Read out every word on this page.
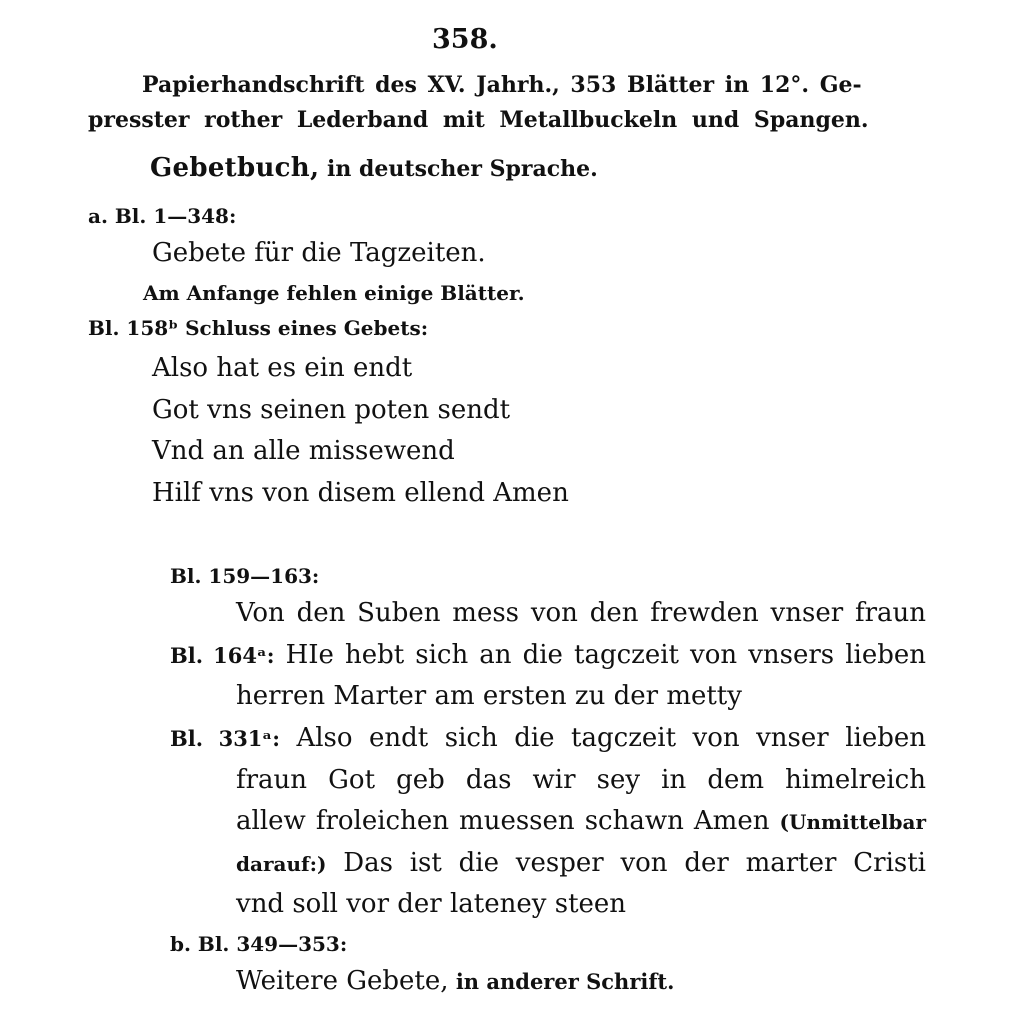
358.
Papierhandschrift des XV. Jahrh., 353 Blätter in 12°. Ge-
presster rother Lederband mit Metallbuckeln und Spangen.
Gebetbuch, in deutscher Sprache.
a. Bl. 1—348:
Gebete für die Tagzeiten.
Am Anfange fehlen einige Blätter.
Bl. 158ᵇ Schluss eines Gebets:
Also hat es ein endt
Got vns seinen poten sendt
Vnd an alle missewend
Hilf vns von disem ellend Amen
Bl. 159—163:
Von den Suben mess von den frewden vnser fraun
Bl. 164ᵃ: HIe hebt sich an die tagczeit von vnsers lieben
herren Marter am ersten zu der metty
Bl. 331ᵃ: Also endt sich die tagczeit von vnser lieben
fraun Got geb das wir sey in dem himelreich
allew froleichen muessen schawn Amen (Unmittelbar
darauf:) Das ist die vesper von der marter Cristi
vnd soll vor der lateney steen
b. Bl. 349—353:
Weitere Gebete, in anderer Schrift.
